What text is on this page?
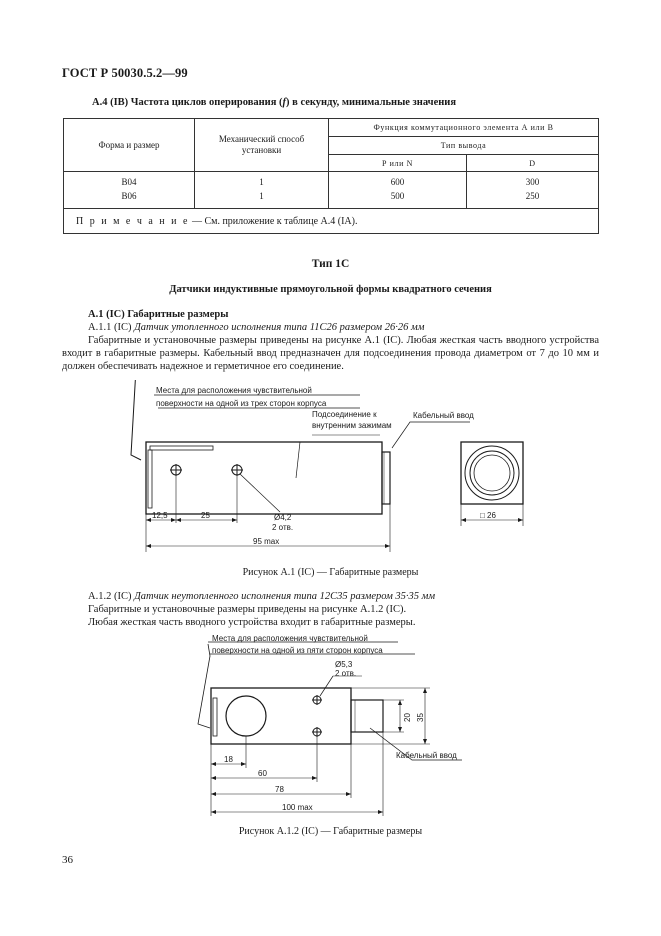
ГОСТ Р 50030.5.2—99
А.4 (IB) Частота циклов оперирования (f) в секунду, минимальные значения
Форма и размер	Механический способ установки	Функция коммутационного элемента А или В	
		Тип вывода	
		Р или N	D
В04	1	600	300
В06	1	500	250
П р и м е ч а н и е — См. приложение к таблице А.4 (IA).			
Тип 1С
Датчики индуктивные прямоугольной формы квадратного сечения

А.1 (IC) Габаритные размеры

А.1.1 (IC) Датчик утопленного исполнения типа 11С26 размером 26·26 мм

Габаритные и установочные размеры приведены на рисунке А.1 (IC). Любая жесткая часть вводного устройства входит в габаритные размеры. Кабельный ввод предназначен для подсоединения провода диаметром от 7 до 10 мм и должен обеспечивать надежное и герметичное его соединение.

Места для расположения чувствительной
поверхности на одной из трех сторон корпуса
Подсоединение к
внутренним зажимам
Кабельный ввод
12,5	25	Ø4,2
2 отв.
95 max
□ 26
Рисунок А.1 (IC) — Габаритные размеры

А.1.2 (IC) Датчик неутопленного исполнения типа 12С35 размером 35·35 мм

Габаритные и установочные размеры приведены на рисунке А.1.2 (IC).

Любая жесткая часть вводного устройства входит в габаритные размеры.

Места для расположения чувствительной
поверхности на одной из пяти сторон корпуса
Ø5,3
2 отв.
20 35
Кабельный ввод
18
60
78
100 max
Рисунок А.1.2 (IC) — Габаритные размеры
36
